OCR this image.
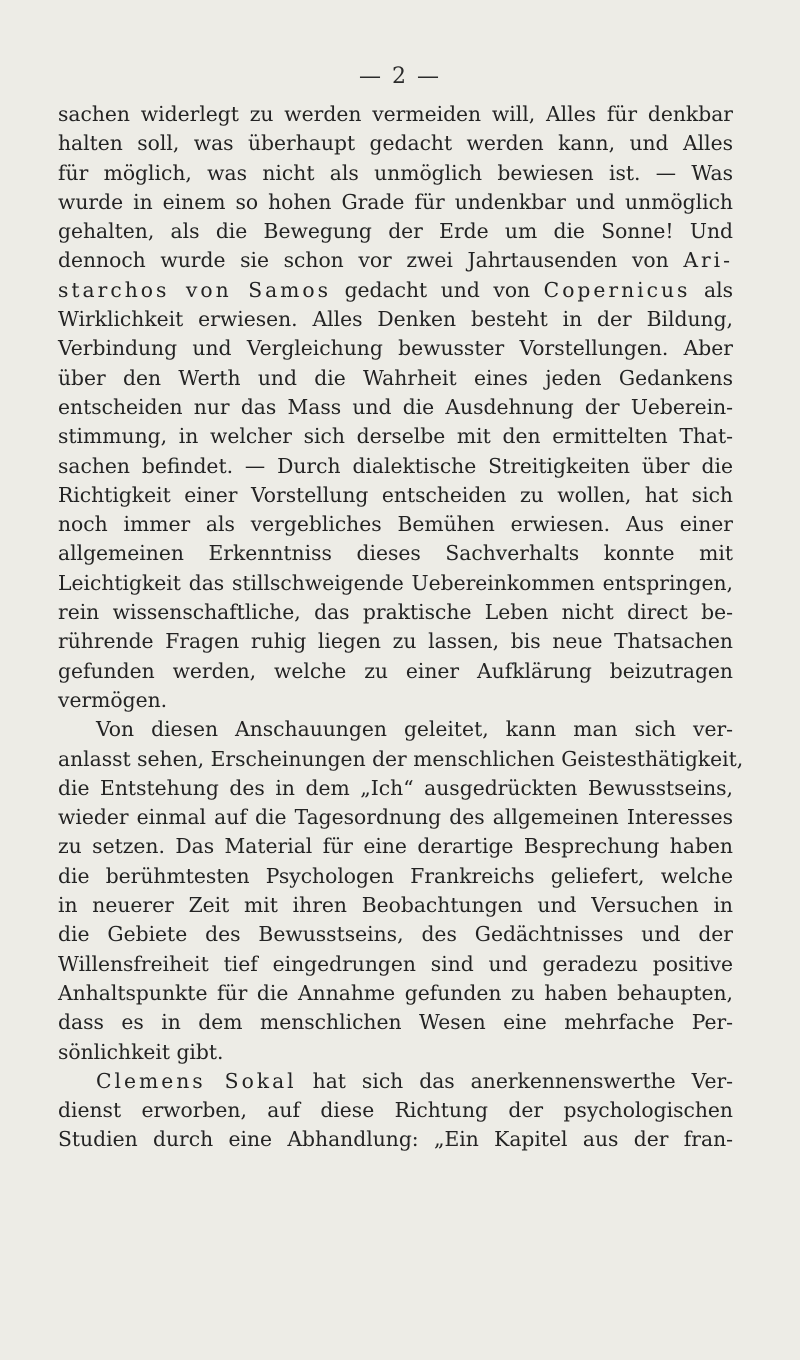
— 2 —
sachen widerlegt zu werden vermeiden will, Alles für denkbar
halten soll, was überhaupt gedacht werden kann, und Alles
für möglich, was nicht als unmöglich bewiesen ist. — Was
wurde in einem so hohen Grade für undenkbar und unmöglich
gehalten, als die Bewegung der Erde um die Sonne! Und
dennoch wurde sie schon vor zwei Jahrtausenden von Ari-
starchos von Samos gedacht und von Copernicus als
Wirklichkeit erwiesen. Alles Denken besteht in der Bildung,
Verbindung und Vergleichung bewusster Vorstellungen. Aber
über den Werth und die Wahrheit eines jeden Gedankens
entscheiden nur das Mass und die Ausdehnung der Ueberein-
stimmung, in welcher sich derselbe mit den ermittelten That-
sachen befindet. — Durch dialektische Streitigkeiten über die
Richtigkeit einer Vorstellung entscheiden zu wollen, hat sich
noch immer als vergebliches Bemühen erwiesen. Aus einer
allgemeinen Erkenntniss dieses Sachverhalts konnte mit
Leichtigkeit das stillschweigende Uebereinkommen entspringen,
rein wissenschaftliche, das praktische Leben nicht direct be-
rührende Fragen ruhig liegen zu lassen, bis neue Thatsachen
gefunden werden, welche zu einer Aufklärung beizutragen
vermögen.
Von diesen Anschauungen geleitet, kann man sich ver-
anlasst sehen, Erscheinungen der menschlichen Geistesthätigkeit,
die Entstehung des in dem „Ich“ ausgedrückten Bewusstseins,
wieder einmal auf die Tagesordnung des allgemeinen Interesses
zu setzen. Das Material für eine derartige Besprechung haben
die berühmtesten Psychologen Frankreichs geliefert, welche
in neuerer Zeit mit ihren Beobachtungen und Versuchen in
die Gebiete des Bewusstseins, des Gedächtnisses und der
Willensfreiheit tief eingedrungen sind und geradezu positive
Anhaltspunkte für die Annahme gefunden zu haben behaupten,
dass es in dem menschlichen Wesen eine mehrfache Per-
sönlichkeit gibt.
Clemens Sokal hat sich das anerkennenswerthe Ver-
dienst erworben, auf diese Richtung der psychologischen
Studien durch eine Abhandlung: „Ein Kapitel aus der fran-
